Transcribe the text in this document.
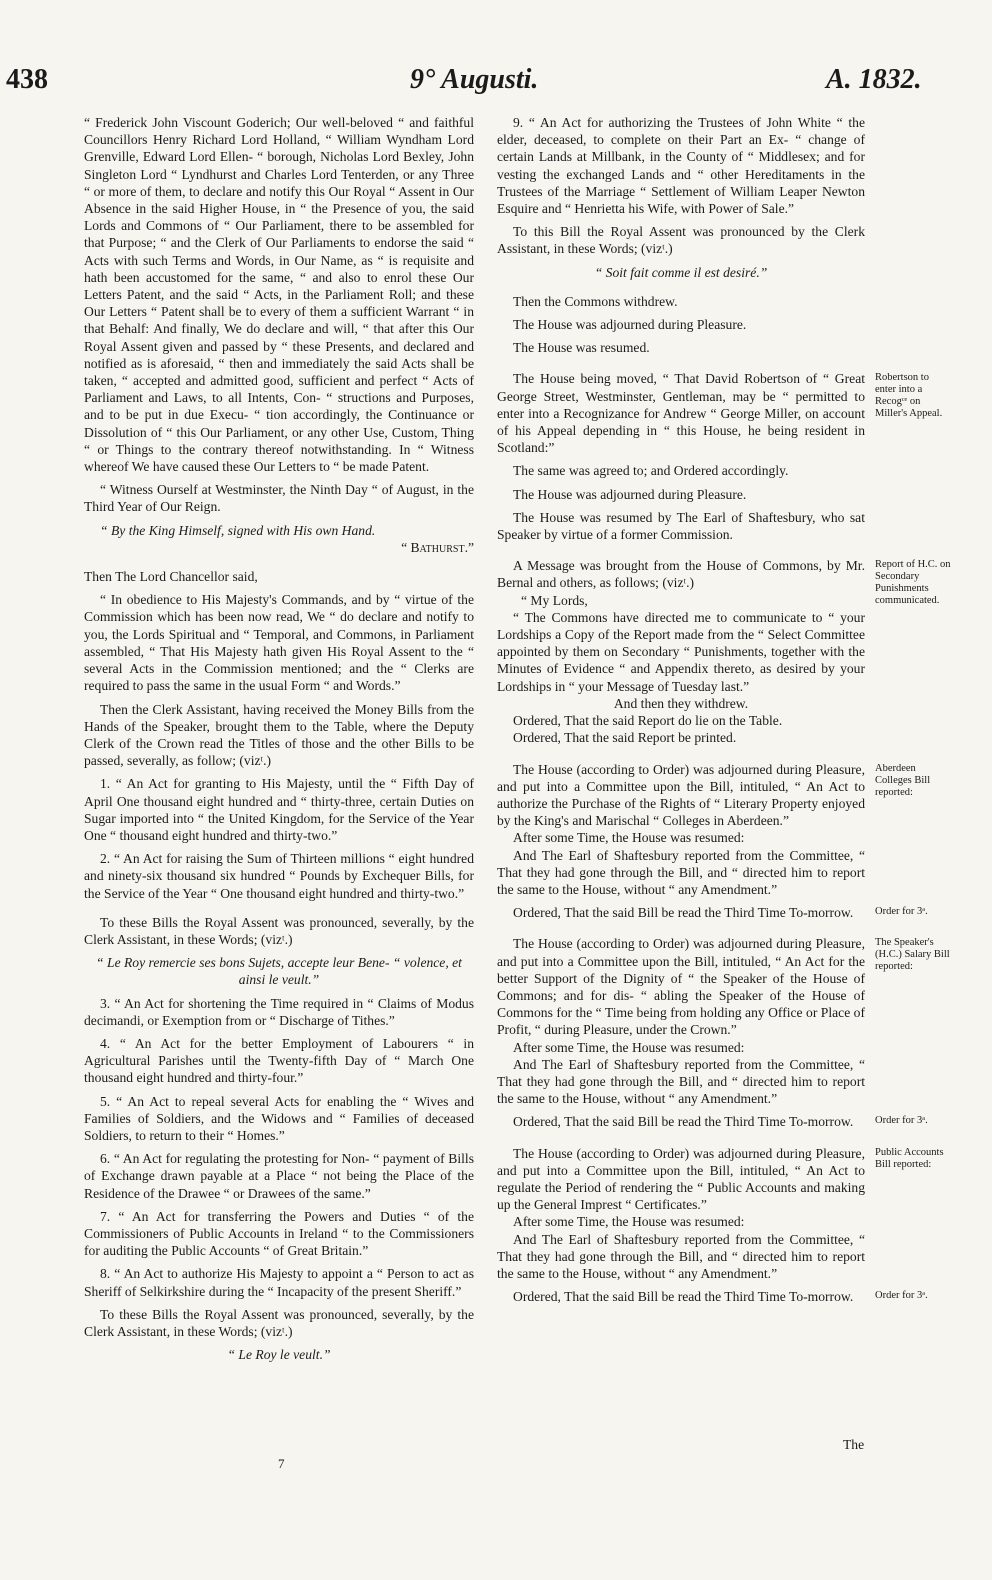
438	9° Augusti.	A. 1832.

“ Frederick John Viscount Goderich; Our well-beloved “ and faithful Councillors Henry Richard Lord Holland, “ William Wyndham Lord Grenville, Edward Lord Ellen- “ borough, Nicholas Lord Bexley, John Singleton Lord “ Lyndhurst and Charles Lord Tenterden, or any Three “ or more of them, to declare and notify this Our Royal “ Assent in Our Absence in the said Higher House, in “ the Presence of you, the said Lords and Commons of “ Our Parliament, there to be assembled for that Purpose; “ and the Clerk of Our Parliaments to endorse the said “ Acts with such Terms and Words, in Our Name, as “ is requisite and hath been accustomed for the same, “ and also to enrol these Our Letters Patent, and the said “ Acts, in the Parliament Roll; and these Our Letters “ Patent shall be to every of them a sufficient Warrant “ in that Behalf: And finally, We do declare and will, “ that after this Our Royal Assent given and passed by “ these Presents, and declared and notified as is aforesaid, “ then and immediately the said Acts shall be taken, “ accepted and admitted good, sufficient and perfect “ Acts of Parliament and Laws, to all Intents, Con- “ structions and Purposes, and to be put in due Execu- “ tion accordingly, the Continuance or Dissolution of “ this Our Parliament, or any other Use, Custom, Thing “ or Things to the contrary thereof notwithstanding. In “ Witness whereof We have caused these Our Letters to “ be made Patent.

“ Witness Ourself at Westminster, the Ninth Day “ of August, in the Third Year of Our Reign.

“ By the King Himself, signed with His own Hand.

“ Bathurst.”

Then The Lord Chancellor said,

“ In obedience to His Majesty's Commands, and by “ virtue of the Commission which has been now read, We “ do declare and notify to you, the Lords Spiritual and “ Temporal, and Commons, in Parliament assembled, “ That His Majesty hath given His Royal Assent to the “ several Acts in the Commission mentioned; and the “ Clerks are required to pass the same in the usual Form “ and Words.”

Then the Clerk Assistant, having received the Money Bills from the Hands of the Speaker, brought them to the Table, where the Deputy Clerk of the Crown read the Titles of those and the other Bills to be passed, severally, as follow; (vizᵗ.)

1. “ An Act for granting to His Majesty, until the “ Fifth Day of April One thousand eight hundred and “ thirty-three, certain Duties on Sugar imported into “ the United Kingdom, for the Service of the Year One “ thousand eight hundred and thirty-two.”

2. “ An Act for raising the Sum of Thirteen millions “ eight hundred and ninety-six thousand six hundred “ Pounds by Exchequer Bills, for the Service of the Year “ One thousand eight hundred and thirty-two.”

To these Bills the Royal Assent was pronounced, severally, by the Clerk Assistant, in these Words; (vizᵗ.)

“ Le Roy remercie ses bons Sujets, accepte leur Bene- “ volence, et ainsi le veult.”

3. “ An Act for shortening the Time required in “ Claims of Modus decimandi, or Exemption from or “ Discharge of Tithes.”

4. “ An Act for the better Employment of Labourers “ in Agricultural Parishes until the Twenty-fifth Day of “ March One thousand eight hundred and thirty-four.”

5. “ An Act to repeal several Acts for enabling the “ Wives and Families of Soldiers, and the Widows and “ Families of deceased Soldiers, to return to their “ Homes.”

6. “ An Act for regulating the protesting for Non- “ payment of Bills of Exchange drawn payable at a Place “ not being the Place of the Residence of the Drawee “ or Drawees of the same.”

7. “ An Act for transferring the Powers and Duties “ of the Commissioners of Public Accounts in Ireland “ to the Commissioners for auditing the Public Accounts “ of Great Britain.”

8. “ An Act to authorize His Majesty to appoint a “ Person to act as Sheriff of Selkirkshire during the “ Incapacity of the present Sheriff.”

To these Bills the Royal Assent was pronounced, severally, by the Clerk Assistant, in these Words; (vizᵗ.)

“ Le Roy le veult.”

9. “ An Act for authorizing the Trustees of John White “ the elder, deceased, to complete on their Part an Ex- “ change of certain Lands at Millbank, in the County of “ Middlesex; and for vesting the exchanged Lands and “ other Hereditaments in the Trustees of the Marriage “ Settlement of William Leaper Newton Esquire and “ Henrietta his Wife, with Power of Sale.”

To this Bill the Royal Assent was pronounced by the Clerk Assistant, in these Words; (vizᵗ.)

“ Soit fait comme il est desiré.”

Then the Commons withdrew.

The House was adjourned during Pleasure.

The House was resumed.

The House being moved, “ That David Robertson of “ Great George Street, Westminster, Gentleman, may be “ permitted to enter into a Recognizance for Andrew “ George Miller, on account of his Appeal depending in “ this House, he being resident in Scotland:”

The same was agreed to; and Ordered accordingly.

Robertson to enter into a Recogᶜᵉ on Miller's Appeal.

The House was adjourned during Pleasure.

The House was resumed by The Earl of Shaftesbury, who sat Speaker by virtue of a former Commission.

A Message was brought from the House of Commons, by Mr. Bernal and others, as follows; (vizᵗ.)

“ My Lords,

“ The Commons have directed me to communicate to “ your Lordships a Copy of the Report made from the “ Select Committee appointed by them on Secondary “ Punishments, together with the Minutes of Evidence “ and Appendix thereto, as desired by your Lordships in “ your Message of Tuesday last.”

And then they withdrew.

Ordered, That the said Report do lie on the Table.

Ordered, That the said Report be printed.

Report of H.C. on Secondary Punishments communicated.

The House (according to Order) was adjourned during Pleasure, and put into a Committee upon the Bill, intituled, “ An Act to authorize the Purchase of the Rights of “ Literary Property enjoyed by the King's and Marischal “ Colleges in Aberdeen.”

After some Time, the House was resumed:

And The Earl of Shaftesbury reported from the Committee, “ That they had gone through the Bill, and “ directed him to report the same to the House, without “ any Amendment.”

Aberdeen Colleges Bill reported:

Ordered, That the said Bill be read the Third Time To-morrow.	Order for 3ᵃ.

The House (according to Order) was adjourned during Pleasure, and put into a Committee upon the Bill, intituled, “ An Act for the better Support of the Dignity of “ the Speaker of the House of Commons; and for dis- “ abling the Speaker of the House of Commons for the “ Time being from holding any Office or Place of Profit, “ during Pleasure, under the Crown.”

After some Time, the House was resumed:

And The Earl of Shaftesbury reported from the Committee, “ That they had gone through the Bill, and “ directed him to report the same to the House, without “ any Amendment.”

The Speaker's (H.C.) Salary Bill reported:

Ordered, That the said Bill be read the Third Time To-morrow.	Order for 3ᵃ.

The House (according to Order) was adjourned during Pleasure, and put into a Committee upon the Bill, intituled, “ An Act to regulate the Period of rendering the “ Public Accounts and making up the General Imprest “ Certificates.”

After some Time, the House was resumed:

And The Earl of Shaftesbury reported from the Committee, “ That they had gone through the Bill, and “ directed him to report the same to the House, without “ any Amendment.”

Public Accounts Bill reported:

Ordered, That the said Bill be read the Third Time To-morrow.	Order for 3ᵃ.
7
The
